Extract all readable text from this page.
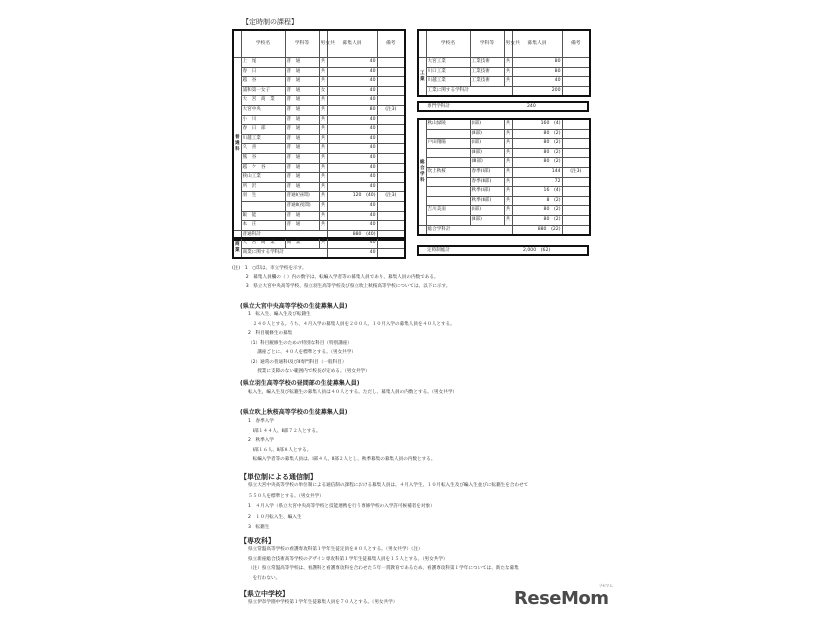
【定時制の課程】
	学校名	学科等	男女共	募集人員	備考
普通科	上　尾	普　通	共	40	
	春　日	普　通	共	40	
	越　谷	普　通	共	40	
	浦和第一女子	普　通	女	40	
	大　宮　商　業	普　通	共	40	
	大宮中央	普　通	共	80	(注3)
	小　川	普　通	共	40	
	春　日　部	普　通	共	40	
	川越工業	普　通	共	40	
	久　喜	普　通	共	40	
	熊　谷	普　通	共	40	
	越　ケ　谷	普　通	共	40	
	狭山工業	普　通	共	40	
	所　沢	普　通	共	40	
	羽　生	普通Ⅰ(昼間)	共	120　(40)	(注3)
		普通Ⅱ(夜間)	共	40	
	飯　能	普　通	共	40	
	本　庄	普　通	共	40	
	普通科計			880　(40)	
商業	大　宮　商　業	商　業	共	40	
	商業に関する学科計			40	
	学校名	学科等	男女共	募集人員	備考
工業	大宮工業	工業技術	共	80	
	川口工業	工業技術	共	80	
	川越工業	工業技術	共	40	
	工業に関する学科計			200	
専門学科計	240
総合学科	秋山緑陵	(Ⅰ部)	共	160　(4)	
		(Ⅱ部)	共	80　(2)	
	戸田翔陽	(Ⅰ部)	共	80　(2)	
		(Ⅱ部)	共	80　(2)	
		(Ⅲ部)	共	80　(2)	
	吹上秋桜	春季(Ⅰ部)	共	144	(注3)
		春季(Ⅱ部)	共	72	
		秋季(Ⅰ部)	共	16　(4)	
		秋季(Ⅱ部)	共	8　(2)	
	吉川美南	(Ⅰ部)	共	80　(2)	
		(Ⅱ部)	共	80　(2)	
	総合学科計			880　(22)	
定時制総計	2,000　(62)
(注)　1　○印は、市立学校を示す。
　　　2　募集人員欄の（ ）内の数字は、転編入学者等の募集人員であり、募集人員の内数である。
　　　3　県立大宮中央高等学校、県立羽生高等学校及び県立吹上秋桜高等学校については、以下に示す。
(県立大宮中央高等学校の生徒募集人員)
1　転入生、編入生及び転籍生
　２４０人とする。うち、４月入学の募集人員を２００人、１０月入学の募集人員を４０人とする。
2　科目履修生の募集
（1）科目履修生のための特別な科目（特別講座）
　　講座ごとに、４０人を標準とする。（男女共学）
（2）通常の普通科Ⅰ及びⅡ専門科目（一般科目）
　　授業に支障のない範囲内で校長が定める。（男女共学）
(県立羽生高等学校の昼間部の生徒募集人員)
転入生、編入生及び転籍生の募集人員は４０人とする。ただし、募集人員の内数とする。（男女共学）
(県立吹上秋桜高等学校の生徒募集人員)
1　春季入学
　Ⅰ部１４４人、Ⅱ部７２人とする。
2　秋季入学
　Ⅰ部１６人、Ⅱ部８人とする。
　転編入学者等の募集人員は、Ⅰ部４人、Ⅱ部２人とし、秋季募集の募集人員の内数とする。
【単位制による通信制】
県立大宮中央高等学校の単位制による通信制の課程における募集人員は、４月入学生、１０月転入生及び編入生並びに転籍生を合わせて
５５０人を標準とする。（男女共学）
1　４月入学（県立大宮中央高等学校と技能連携を行う専修学校の入学許可候補者を対象）
2　１０月転入生、編入生
3　転籍生
【専攻科】
県立常盤高等学校の看護専攻科第１学年生徒定員を８０人とする。（男女共学）（注）
県立新座総合技術高等学校のデザイン専攻科第１学年生徒募集人員を１５人とする。（男女共学）
（注）県立常盤高等学校は、看護科と看護専攻科を合わせた５年一貫教育であるため、看護専攻科第１学年については、新たな募集
　を行わない。
【県立中学校】
県立伊奈学園中学校第１学年生徒募集人員を７０人とする。（男女共学）	ReseMom
リセマム
